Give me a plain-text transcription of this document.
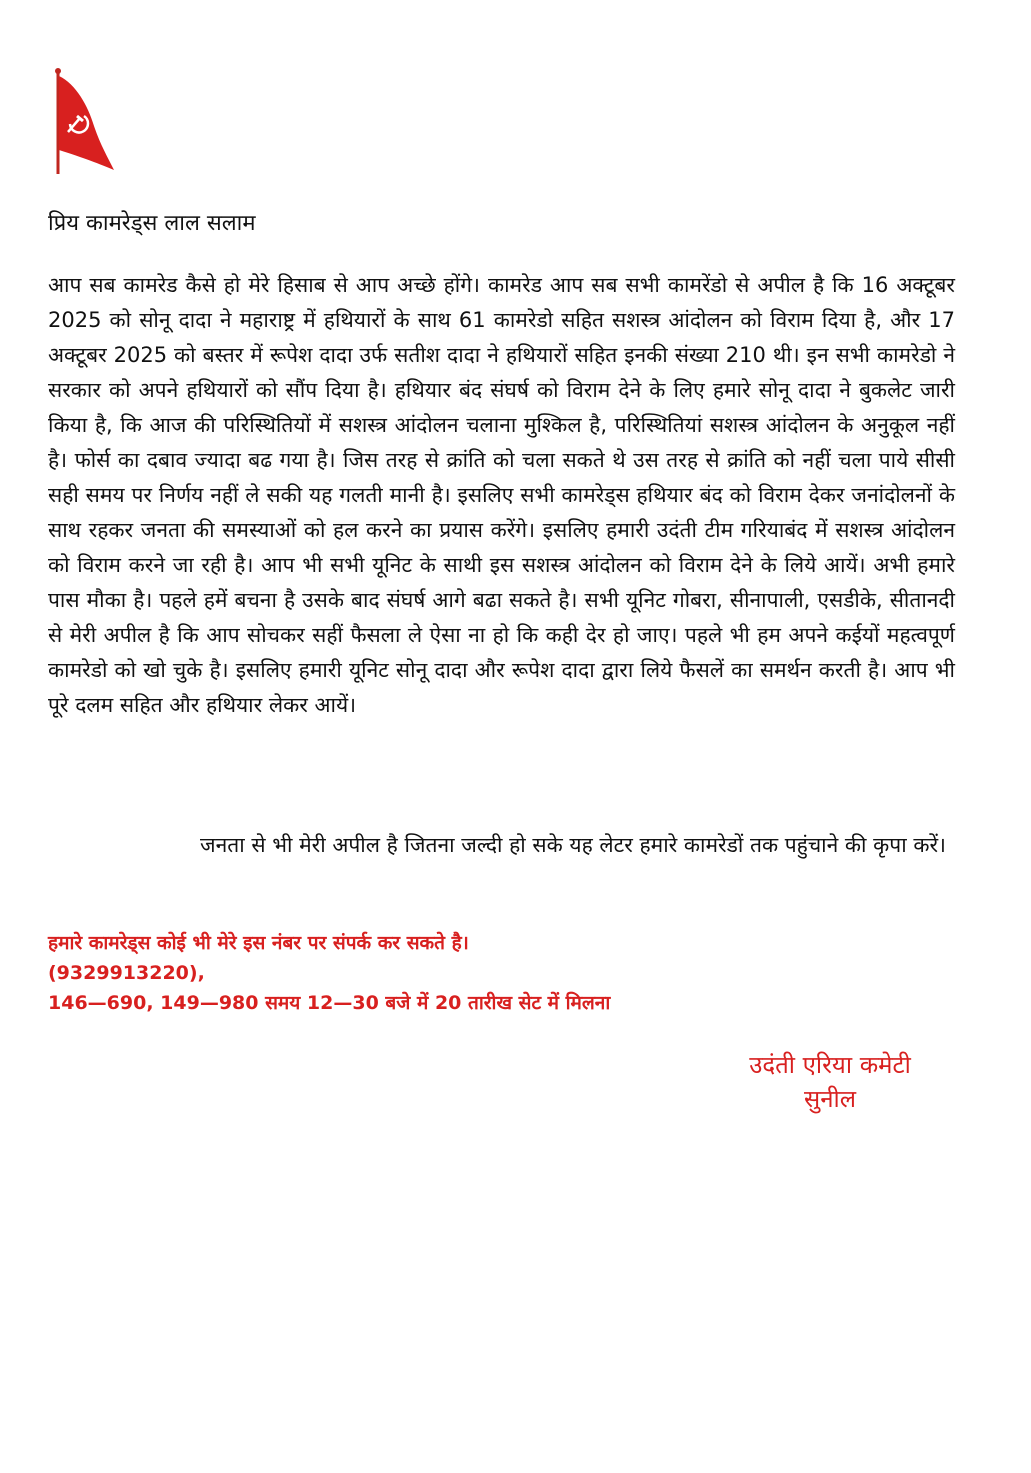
प्रिय कामरेड्स लाल सलाम
आप सब कामरेड कैसे हो मेरे हिसाब से आप अच्छे होंगे। कामरेड आप सब सभी कामरेंडो से अपील है कि 16 अक्टूबर 2025 को सोनू दादा ने महाराष्ट्र में हथियारों के साथ 61 कामरेडो सहित सशस्त्र आंदोलन को विराम दिया है, और 17 अक्टूबर 2025 को बस्तर में रूपेश दादा उर्फ सतीश दादा ने हथियारों सहित इनकी संख्या 210 थी। इन सभी कामरेडो ने सरकार को अपने हथियारों को सौंप दिया है। हथियार बंद संघर्ष को विराम देने के लिए हमारे सोनू दादा ने बुकलेट जारी किया है, कि आज की परिस्थितियों में सशस्त्र आंदोलन चलाना मुश्किल है, परिस्थितियां सशस्त्र आंदोलन के अनुकूल नहीं है। फोर्स का दबाव ज्यादा बढ गया है। जिस तरह से क्रांति को चला सकते थे उस तरह से क्रांति को नहीं चला पाये सीसी सही समय पर निर्णय नहीं ले सकी यह गलती मानी है। इसलिए सभी कामरेड्स हथियार बंद को विराम देकर जनांदोलनों के साथ रहकर जनता की समस्याओं को हल करने का प्रयास करेंगे। इसलिए हमारी उदंती टीम गरियाबंद में सशस्त्र आंदोलन को विराम करने जा रही है। आप भी सभी यूनिट के साथी इस सशस्त्र आंदोलन को विराम देने के लिये आयें। अभी हमारे पास मौका है। पहले हमें बचना है उसके बाद संघर्ष आगे बढा सकते है। सभी यूनिट गोबरा, सीनापाली, एसडीके, सीतानदी से मेरी अपील है कि आप सोचकर सहीं फैसला ले ऐसा ना हो कि कही देर हो जाए। पहले भी हम अपने कईयों महत्वपूर्ण कामरेडो को खो चुके है। इसलिए हमारी यूनिट सोनू दादा और रूपेश दादा द्वारा लिये फैसलें का समर्थन करती है। आप भी पूरे दलम सहित और हथियार लेकर आयें।
जनता से भी मेरी अपील है जितना जल्दी हो सके यह लेटर हमारे कामरेडों तक पहुंचाने की कृपा करें।
हमारे कामरेड्स कोई भी मेरे इस नंबर पर संपर्क कर सकते है।
(9329913220),
146—690, 149—980 समय 12—30 बजे में 20 तारीख सेट में मिलना
उदंती एरिया कमेटी
सुनील
